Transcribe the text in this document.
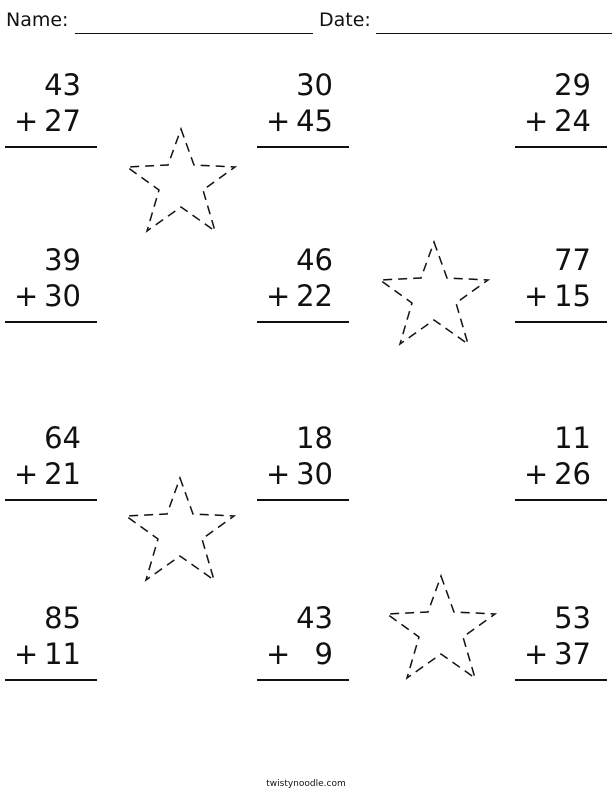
Name:	Date:
43
+ 27
30
+ 45
29
+ 24
39
+ 30
46
+ 22
77
+ 15
64
+ 21
18
+ 30
11
+ 26
85
+ 11
43
+ 9
53
+ 37
twistynoodle.com
